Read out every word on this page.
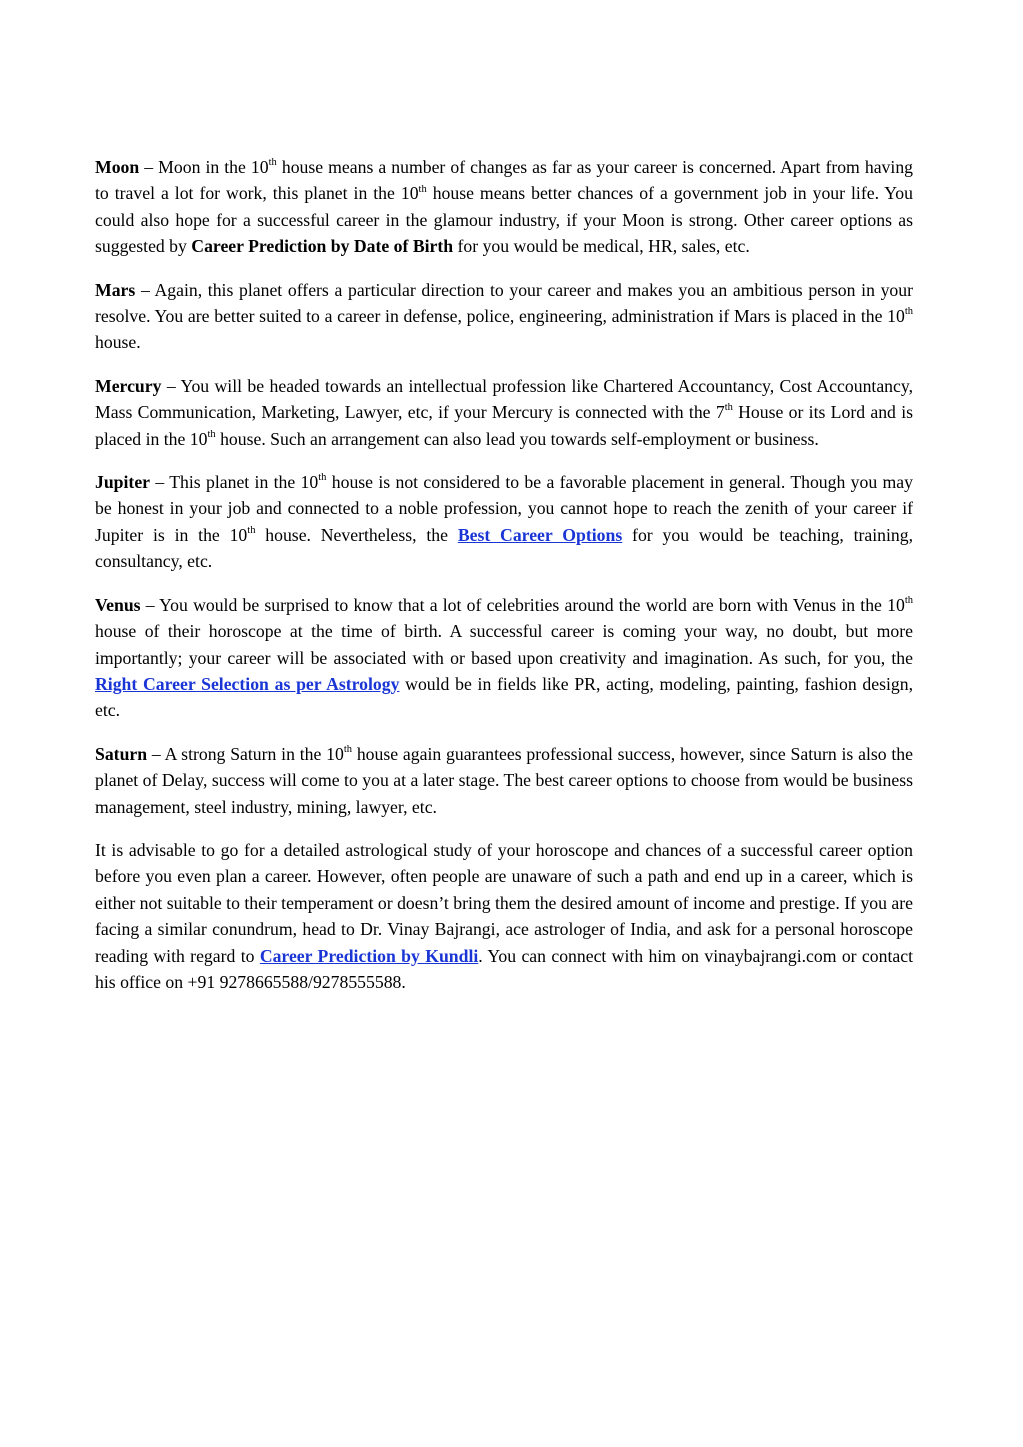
Moon – Moon in the 10th house means a number of changes as far as your career is concerned. Apart from having to travel a lot for work, this planet in the 10th house means better chances of a government job in your life. You could also hope for a successful career in the glamour industry, if your Moon is strong. Other career options as suggested by Career Prediction by Date of Birth for you would be medical, HR, sales, etc.

Mars – Again, this planet offers a particular direction to your career and makes you an ambitious person in your resolve. You are better suited to a career in defense, police, engineering, administration if Mars is placed in the 10th house.

Mercury – You will be headed towards an intellectual profession like Chartered Accountancy, Cost Accountancy, Mass Communication, Marketing, Lawyer, etc, if your Mercury is connected with the 7th House or its Lord and is placed in the 10th house. Such an arrangement can also lead you towards self-employment or business.

Jupiter – This planet in the 10th house is not considered to be a favorable placement in general. Though you may be honest in your job and connected to a noble profession, you cannot hope to reach the zenith of your career if Jupiter is in the 10th house. Nevertheless, the Best Career Options for you would be teaching, training, consultancy, etc.

Venus – You would be surprised to know that a lot of celebrities around the world are born with Venus in the 10th house of their horoscope at the time of birth. A successful career is coming your way, no doubt, but more importantly; your career will be associated with or based upon creativity and imagination. As such, for you, the Right Career Selection as per Astrology would be in fields like PR, acting, modeling, painting, fashion design, etc.

Saturn – A strong Saturn in the 10th house again guarantees professional success, however, since Saturn is also the planet of Delay, success will come to you at a later stage. The best career options to choose from would be business management, steel industry, mining, lawyer, etc.

It is advisable to go for a detailed astrological study of your horoscope and chances of a successful career option before you even plan a career. However, often people are unaware of such a path and end up in a career, which is either not suitable to their temperament or doesn’t bring them the desired amount of income and prestige. If you are facing a similar conundrum, head to Dr. Vinay Bajrangi, ace astrologer of India, and ask for a personal horoscope reading with regard to Career Prediction by Kundli. You can connect with him on vinaybajrangi.com or contact his office on +91 9278665588/9278555588.
